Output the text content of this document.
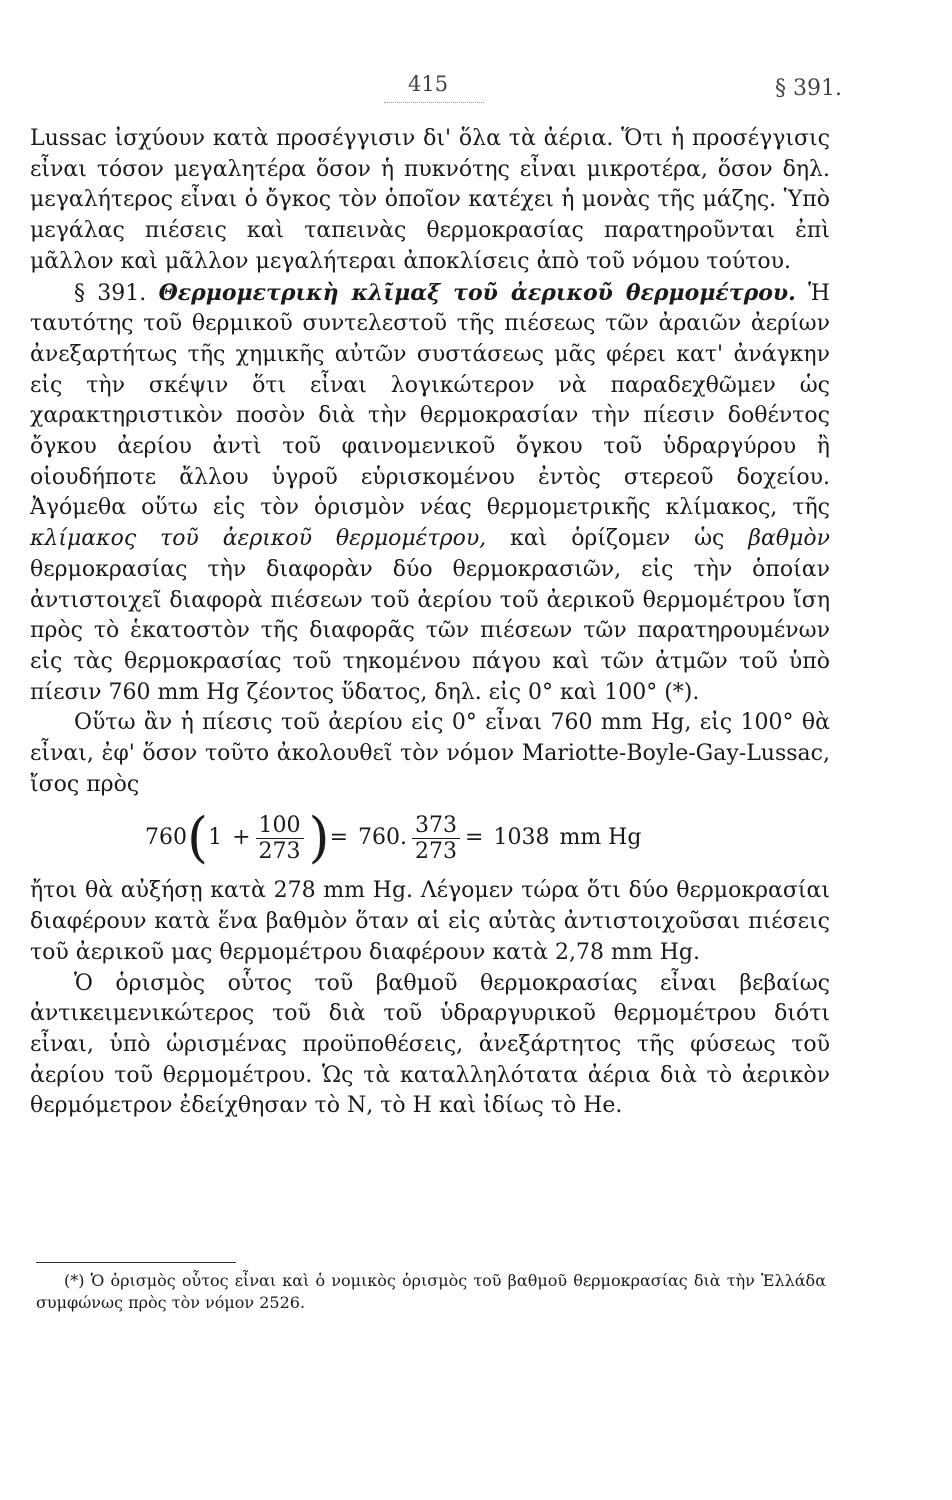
415	§ 391.

Lussac ἰσχύουν κατὰ προσέγγισιν δι' ὅλα τὰ ἀέρια. Ὅτι ἡ προσέγγισις εἶναι τόσον μεγαλητέρα ὅσον ἡ πυκνότης εἶναι μικροτέρα, ὅσον δηλ. μεγαλήτερος εἶναι ὁ ὄγκος τὸν ὁποῖον κατέχει ἡ μονὰς τῆς μάζης. Ὑπὸ μεγάλας πιέσεις καὶ ταπεινὰς θερμοκρασίας παρατηροῦνται ἐπὶ μᾶλλον καὶ μᾶλλον μεγαλήτεραι ἀποκλίσεις ἀπὸ τοῦ νόμου τούτου.

§ 391. Θερμομετρικὴ κλῖμαξ τοῦ ἀερικοῦ θερμομέτρου. Ἡ ταυτότης τοῦ θερμικοῦ συντελεστοῦ τῆς πιέσεως τῶν ἀραιῶν ἀερίων ἀνεξαρτήτως τῆς χημικῆς αὐτῶν συστάσεως μᾶς φέρει κατ' ἀνάγκην εἰς τὴν σκέψιν ὅτι εἶναι λογικώτερον νὰ παραδεχθῶμεν ὡς χαρακτηριστικὸν ποσὸν διὰ τὴν θερμοκρασίαν τὴν πίεσιν δοθέντος ὄγκου ἀερίου ἀντὶ τοῦ φαινομενικοῦ ὄγκου τοῦ ὑδραργύρου ἢ οἱουδήποτε ἄλλου ὑγροῦ εὑρισκομένου ἐντὸς στερεοῦ δοχείου. Ἀγόμεθα οὕτω εἰς τὸν ὁρισμὸν νέας θερμομετρικῆς κλίμακος, τῆς κλίμακος τοῦ ἀερικοῦ θερμομέτρου, καὶ ὁρίζομεν ὡς βαθμὸν θερμοκρασίας τὴν διαφορὰν δύο θερμοκρασιῶν, εἰς τὴν ὁποίαν ἀντιστοιχεῖ διαφορὰ πιέσεων τοῦ ἀερίου τοῦ ἀερικοῦ θερμομέτρου ἴση πρὸς τὸ ἑκατοστὸν τῆς διαφορᾶς τῶν πιέσεων τῶν παρατηρουμένων εἰς τὰς θερμοκρασίας τοῦ τηκομένου πάγου καὶ τῶν ἀτμῶν τοῦ ὑπὸ πίεσιν 760 mm Hg ζέοντος ὕδατος, δηλ. εἰς 0° καὶ 100° (*).

Οὕτω ἂν ἡ πίεσις τοῦ ἀερίου εἰς 0° εἶναι 760 mm Hg, εἰς 100° θὰ εἶναι, ἐφ' ὅσον τοῦτο ἀκολουθεῖ τὸν νόμον Mariotte-Boyle-Gay-Lussac, ἴσος πρὸς

760 ( $1 + \frac{100}{273}$ ) = 760 . $\frac{373}{273} = 1038$ mm Hg

ἤτοι θὰ αὐξήσῃ κατὰ 278 mm Hg. Λέγομεν τώρα ὅτι δύο θερμοκρασίαι διαφέρουν κατὰ ἕνα βαθμὸν ὅταν αἱ εἰς αὐτὰς ἀντιστοιχοῦσαι πιέσεις τοῦ ἀερικοῦ μας θερμομέτρου διαφέρουν κατὰ 2,78 mm Hg.

Ὁ ὁρισμὸς οὗτος τοῦ βαθμοῦ θερμοκρασίας εἶναι βεβαίως ἀντικειμενικώτερος τοῦ διὰ τοῦ ὑδραργυρικοῦ θερμομέτρου διότι εἶναι, ὑπὸ ὡρισμένας προϋποθέσεις, ἀνεξάρτητος τῆς φύσεως τοῦ ἀερίου τοῦ θερμομέτρου. Ὡς τὰ καταλληλότατα ἀέρια διὰ τὸ ἀερικὸν θερμόμετρον ἐδείχθησαν τὸ Ν, τὸ Η καὶ ἰδίως τὸ He.

(*) Ὁ ὁρισμὸς οὗτος εἶναι καὶ ὁ νομικὸς ὁρισμὸς τοῦ βαθμοῦ θερμοκρασίας διὰ τὴν Ἑλλάδα συμφώνως πρὸς τὸν νόμον 2526.
